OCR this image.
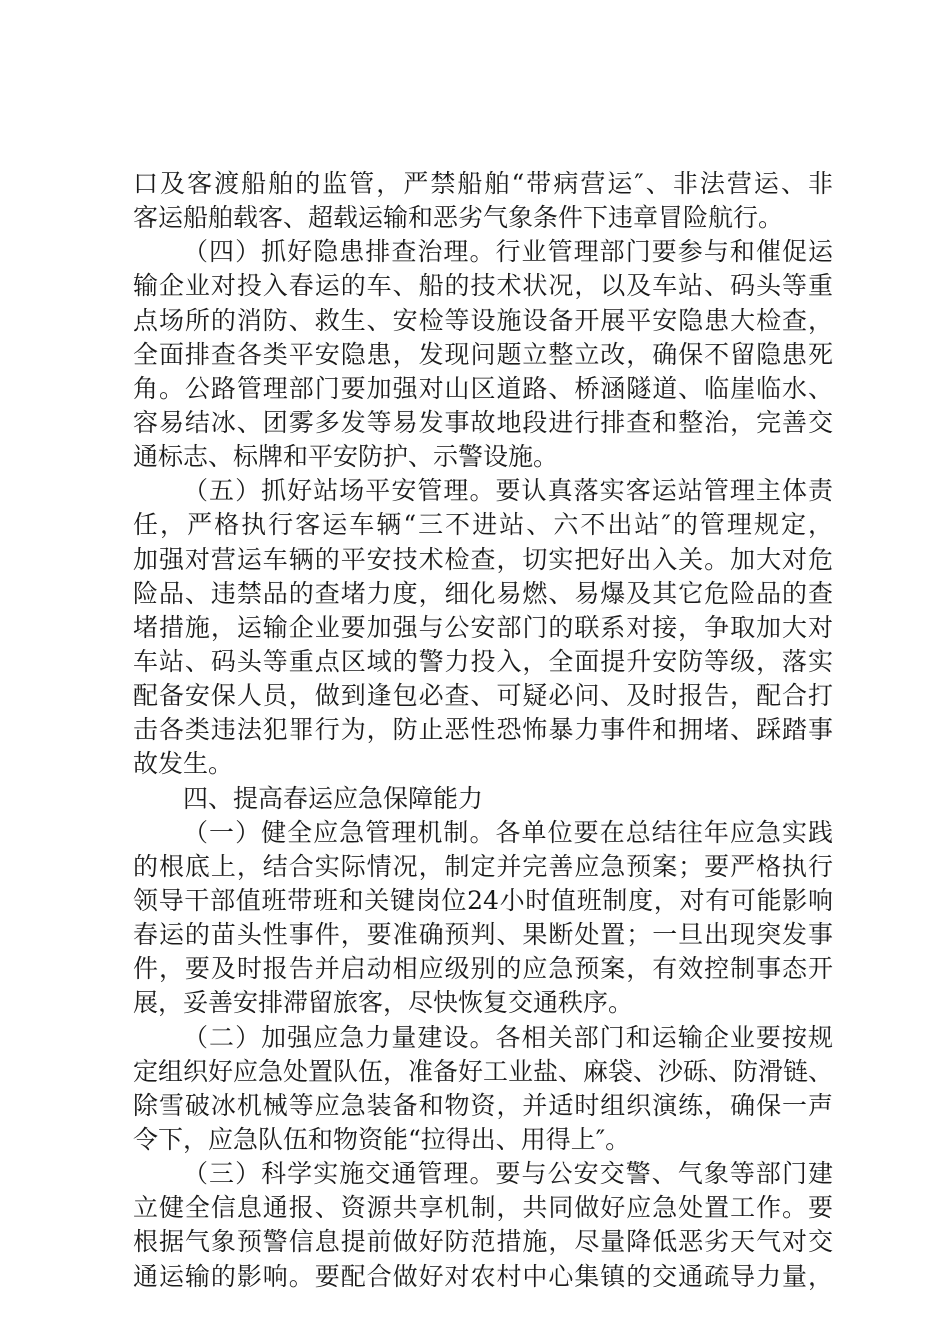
口及客渡船舶的监管，严禁船舶“带病营运″、非法营运、非
客运船舶载客、超载运输和恶劣气象条件下违章冒险航行。
（四）抓好隐患排查治理。行业管理部门要参与和催促运
输企业对投入春运的车、船的技术状况，以及车站、码头等重
点场所的消防、救生、安检等设施设备开展平安隐患大检查，
全面排查各类平安隐患，发现问题立整立改，确保不留隐患死
角。公路管理部门要加强对山区道路、桥涵隧道、临崖临水、
容易结冰、团雾多发等易发事故地段进行排查和整治，完善交
通标志、标牌和平安防护、示警设施。
（五）抓好站场平安管理。要认真落实客运站管理主体责
任，严格执行客运车辆“三不进站、六不出站″的管理规定，
加强对营运车辆的平安技术检查，切实把好出入关。加大对危
险品、违禁品的查堵力度，细化易燃、易爆及其它危险品的查
堵措施，运输企业要加强与公安部门的联系对接，争取加大对
车站、码头等重点区域的警力投入，全面提升安防等级，落实
配备安保人员，做到逢包必查、可疑必问、及时报告，配合打
击各类违法犯罪行为，防止恶性恐怖暴力事件和拥堵、踩踏事
故发生。
四、提高春运应急保障能力
（一）健全应急管理机制。各单位要在总结往年应急实践
的根底上，结合实际情况，制定并完善应急预案；要严格执行
领导干部值班带班和关键岗位24小时值班制度，对有可能影响
春运的苗头性事件，要准确预判、果断处置；一旦出现突发事
件，要及时报告并启动相应级别的应急预案，有效控制事态开
展，妥善安排滞留旅客，尽快恢复交通秩序。
（二）加强应急力量建设。各相关部门和运输企业要按规
定组织好应急处置队伍，准备好工业盐、麻袋、沙砾、防滑链、
除雪破冰机械等应急装备和物资，并适时组织演练，确保一声
令下，应急队伍和物资能“拉得出、用得上″。
（三）科学实施交通管理。要与公安交警、气象等部门建
立健全信息通报、资源共享机制，共同做好应急处置工作。要
根据气象预警信息提前做好防范措施，尽量降低恶劣天气对交
通运输的影响。要配合做好对农村中心集镇的交通疏导力量，
